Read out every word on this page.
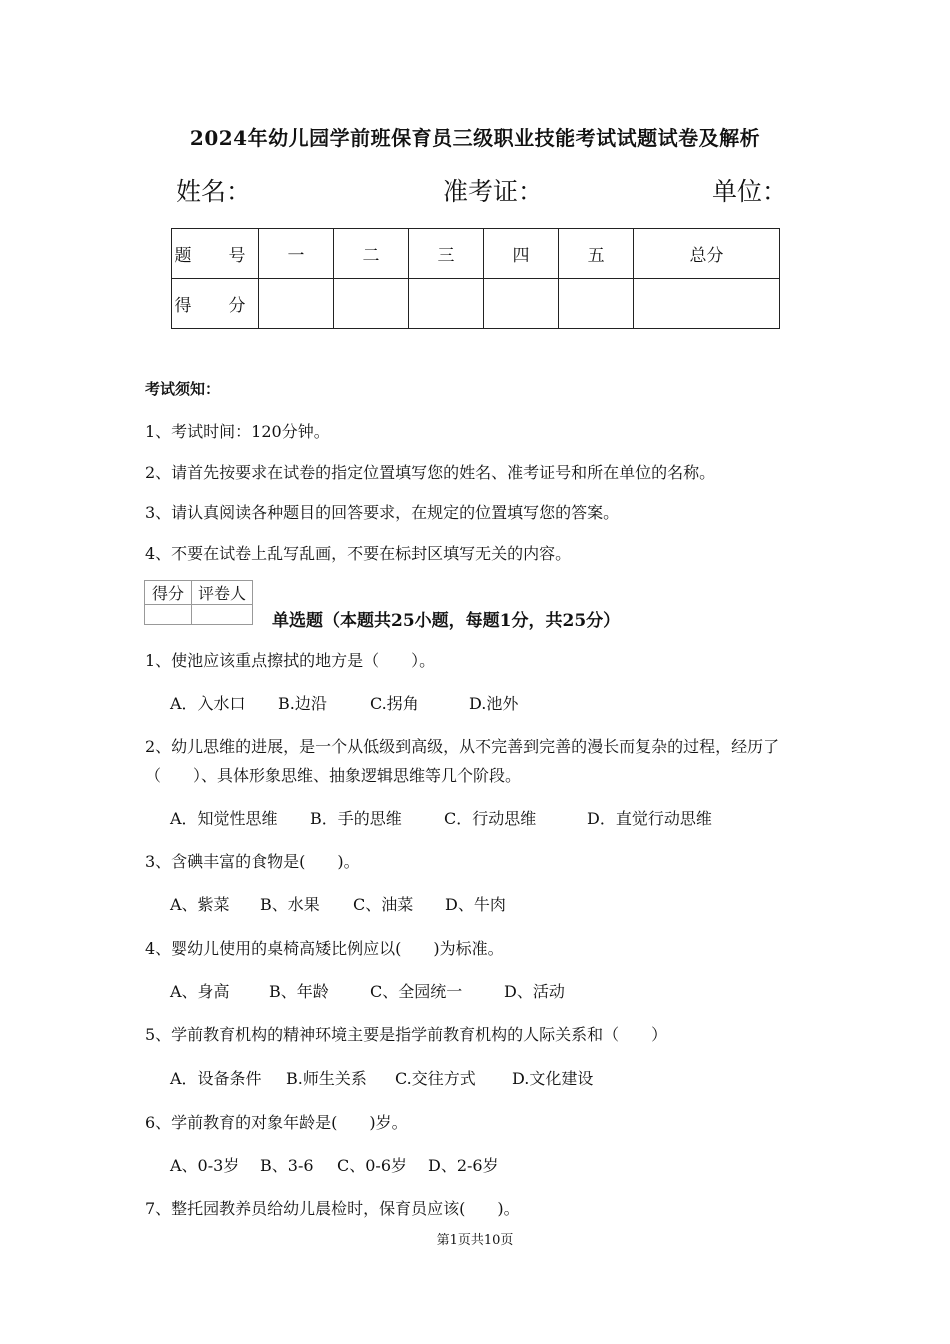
2024年幼儿园学前班保育员三级职业技能考试试题试卷及解析
姓名：	准考证：	单位：
题　号	一	二	三	四	五	总分
得　分						
考试须知：
1、考试时间：120分钟。
2、请首先按要求在试卷的指定位置填写您的姓名、准考证号和所在单位的名称。
3、请认真阅读各种题目的回答要求，在规定的位置填写您的答案。
4、不要在试卷上乱写乱画，不要在标封区填写无关的内容。
得分	评卷人

单选题（本题共25小题，每题1分，共25分）
1、使池应该重点擦拭的地方是（　　）。
A．入水口 B.边沿	C.拐角	D.池外
2、幼儿思维的进展，是一个从低级到高级，从不完善到完善的漫长而复杂的过程，经历了
（　　）、具体形象思维、抽象逻辑思维等几个阶段。
A．知觉性思维 B．手的思维	C．行动思维	D．直觉行动思维
3、含碘丰富的食物是(　　)。
A、紫菜 B、水果 C、油菜 D、牛肉
4、婴幼儿使用的桌椅高矮比例应以(　　)为标准。
A、身高 B、年龄	C、全园统一	D、活动
5、学前教育机构的精神环境主要是指学前教育机构的人际关系和（　　）
A．设备条件 B.师生关系 C.交往方式 D.文化建设
6、学前教育的对象年龄是(　　)岁。
A、0-3岁 B、3-6 C、0-6岁 D、2-6岁
7、整托园教养员给幼儿晨检时，保育员应该(　　)。
第1页共10页
